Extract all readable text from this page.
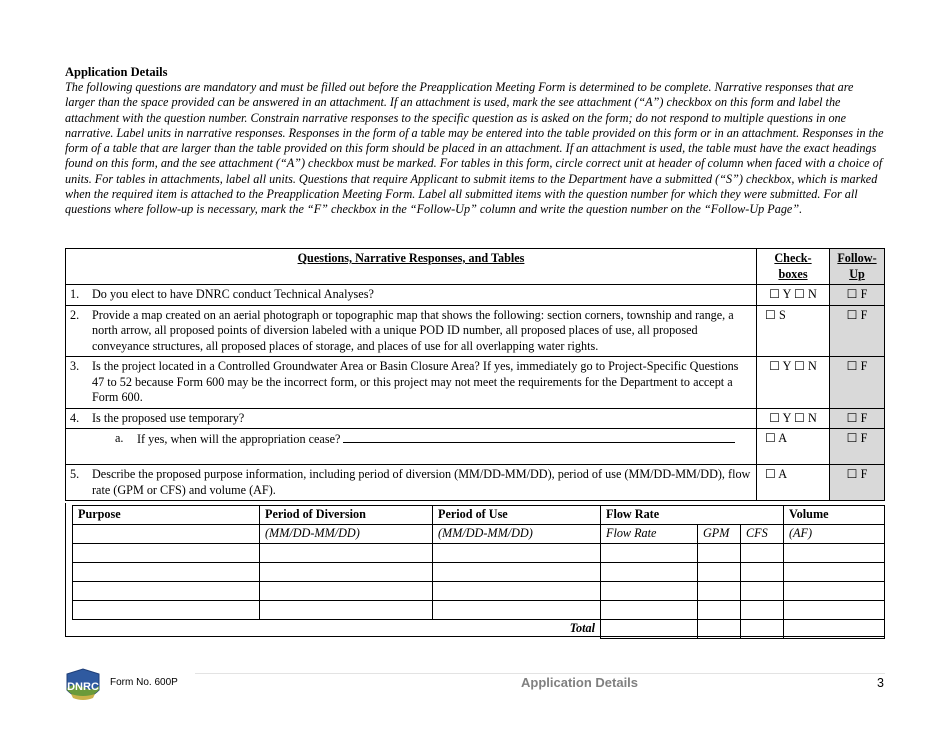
Application Details
The following questions are mandatory and must be filled out before the Preapplication Meeting Form is determined to be complete. Narrative responses that are larger than the space provided can be answered in an attachment. If an attachment is used, mark the see attachment (“A”) checkbox on this form and label the attachment with the question number. Constrain narrative responses to the specific question as is asked on the form; do not respond to multiple questions in one narrative. Label units in narrative responses. Responses in the form of a table may be entered into the table provided on this form or in an attachment. Responses in the form of a table that are larger than the table provided on this form should be placed in an attachment. If an attachment is used, the table must have the exact headings found on this form, and the see attachment (“A”) checkbox must be marked. For tables in this form, circle correct unit at header of column when faced with a choice of units. For tables in attachments, label all units. Questions that require Applicant to submit items to the Department have a submitted (“S”) checkbox, which is marked when the required item is attached to the Preapplication Meeting Form. Label all submitted items with the question number for which they were submitted. For all questions where follow-up is necessary, mark the “F” checkbox in the “Follow-Up” column and write the question number on the “Follow-Up Page”.
Questions, Narrative Responses, and Tables	Check-boxes	Follow-Up

1. Do you elect to have DNRC conduct Technical Analyses?	☐ Y ☐ N	☐ F

2. Provide a map created on an aerial photograph or topographic map that shows the following: section corners, township and range, a north arrow, all proposed points of diversion labeled with a unique POD ID number, all proposed places of use, all proposed conveyance structures, all proposed places of storage, and places of use for all overlapping water rights.	☐ S	☐ F

3. Is the project located in a Controlled Groundwater Area or Basin Closure Area? If yes, immediately go to Project-Specific Questions 47 to 52 because Form 600 may be the incorrect form, or this project may not meet the requirements for the Department to accept a Form 600.	☐ Y ☐ N	☐ F

4. Is the proposed use temporary?	☐ Y ☐ N	☐ F

a. If yes, when will the appropriation cease?	☐ A	☐ F

5. Describe the proposed purpose information, including period of diversion (MM/DD-MM/DD), period of use (MM/DD-MM/DD), flow rate (GPM or CFS) and volume (AF).	☐ A	☐ F
Purpose	Period of Diversion	Period of Use	Flow Rate			Volume
	(MM/DD-MM/DD)	(MM/DD-MM/DD)	Flow Rate	GPM	CFS	(AF)

Total						
DNRC Form No. 600P	Application Details	3
